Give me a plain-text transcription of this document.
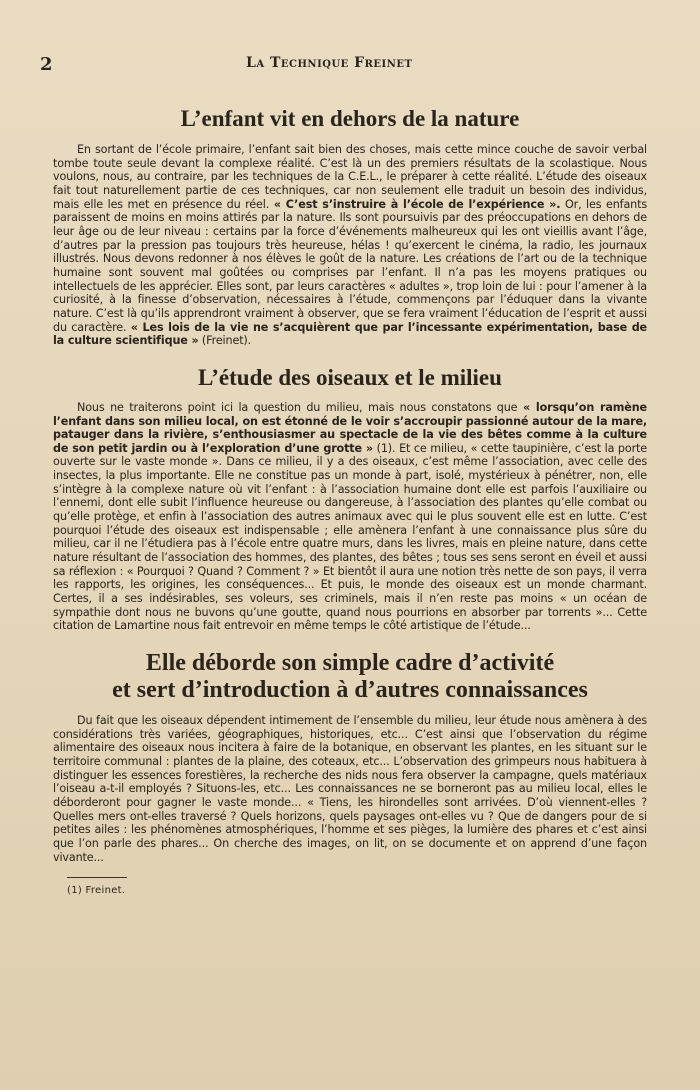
2	La Technique Freinet
L’enfant vit en dehors de la nature

En sortant de l’école primaire, l’enfant sait bien des choses, mais cette mince couche de savoir verbal tombe toute seule devant la complexe réalité. C’est là un des premiers résultats de la scolastique. Nous voulons, nous, au contraire, par les techniques de la C.E.L., le préparer à cette réalité. L’étude des oiseaux fait tout naturellement partie de ces techniques, car non seulement elle traduit un besoin des individus, mais elle les met en présence du réel. « C’est s’instruire à l’école de l’expérience ». Or, les enfants paraissent de moins en moins attirés par la nature. Ils sont poursuivis par des préoccupations en dehors de leur âge ou de leur niveau : certains par la force d’événements malheureux qui les ont vieillis avant l’âge, d’autres par la pression pas toujours très heureuse, hélas ! qu’exercent le cinéma, la radio, les journaux illustrés. Nous devons redonner à nos élèves le goût de la nature. Les créations de l’art ou de la technique humaine sont souvent mal goûtées ou comprises par l’enfant. Il n’a pas les moyens pratiques ou intellectuels de les apprécier. Elles sont, par leurs caractères « adultes », trop loin de lui : pour l’amener à la curiosité, à la finesse d’observation, nécessaires à l’étude, commençons par l’éduquer dans la vivante nature. C’est là qu’ils apprendront vraiment à observer, que se fera vraiment l’éducation de l’esprit et aussi du caractère. « Les lois de la vie ne s’acquièrent que par l’incessante expérimentation, base de la culture scientifique » (Freinet).

L’étude des oiseaux et le milieu

Nous ne traiterons point ici la question du milieu, mais nous constatons que « lorsqu’on ramène l’enfant dans son milieu local, on est étonné de le voir s’accroupir passionné autour de la mare, patauger dans la rivière, s’enthousiasmer au spectacle de la vie des bêtes comme à la culture de son petit jardin ou à l’exploration d’une grotte » (1). Et ce milieu, « cette taupinière, c’est la porte ouverte sur le vaste monde ». Dans ce milieu, il y a des oiseaux, c’est même l’association, avec celle des insectes, la plus importante. Elle ne constitue pas un monde à part, isolé, mystérieux à pénétrer, non, elle s’intègre à la complexe nature où vit l’enfant : à l’association humaine dont elle est parfois l’auxiliaire ou l’ennemi, dont elle subit l’influence heureuse ou dangereuse, à l’association des plantes qu’elle combat ou qu’elle protège, et enfin à l’association des autres animaux avec qui le plus souvent elle est en lutte. C’est pourquoi l’étude des oiseaux est indispensable ; elle amènera l’enfant à une connaissance plus sûre du milieu, car il ne l’étudiera pas à l’école entre quatre murs, dans les livres, mais en pleine nature, dans cette nature résultant de l’association des hommes, des plantes, des bêtes ; tous ses sens seront en éveil et aussi sa réflexion : « Pourquoi ? Quand ? Comment ? » Et bientôt il aura une notion très nette de son pays, il verra les rapports, les origines, les conséquences... Et puis, le monde des oiseaux est un monde charmant. Certes, il a ses indésirables, ses voleurs, ses criminels, mais il n’en reste pas moins « un océan de sympathie dont nous ne buvons qu’une goutte, quand nous pourrions en absorber par torrents »... Cette citation de Lamartine nous fait entrevoir en même temps le côté artistique de l’étude...

Elle déborde son simple cadre d’activité
et sert d’introduction à d’autres connaissances

Du fait que les oiseaux dépendent intimement de l’ensemble du milieu, leur étude nous amènera à des considérations très variées, géographiques, historiques, etc... C’est ainsi que l’observation du régime alimentaire des oiseaux nous incitera à faire de la botanique, en observant les plantes, en les situant sur le territoire communal : plantes de la plaine, des coteaux, etc... L’observation des grimpeurs nous habituera à distinguer les essences forestières, la recherche des nids nous fera observer la campagne, quels matériaux l’oiseau a-t-il employés ? Situons-les, etc... Les connaissances ne se borneront pas au milieu local, elles le déborderont pour gagner le vaste monde... « Tiens, les hirondelles sont arrivées. D’où viennent-elles ? Quelles mers ont-elles traversé ? Quels horizons, quels paysages ont-elles vu ? Que de dangers pour de si petites ailes : les phénomènes atmosphériques, l’homme et ses pièges, la lumière des phares et c’est ainsi que l’on parle des phares... On cherche des images, on lit, on se documente et on apprend d’une façon vivante...

(1) Freinet.
